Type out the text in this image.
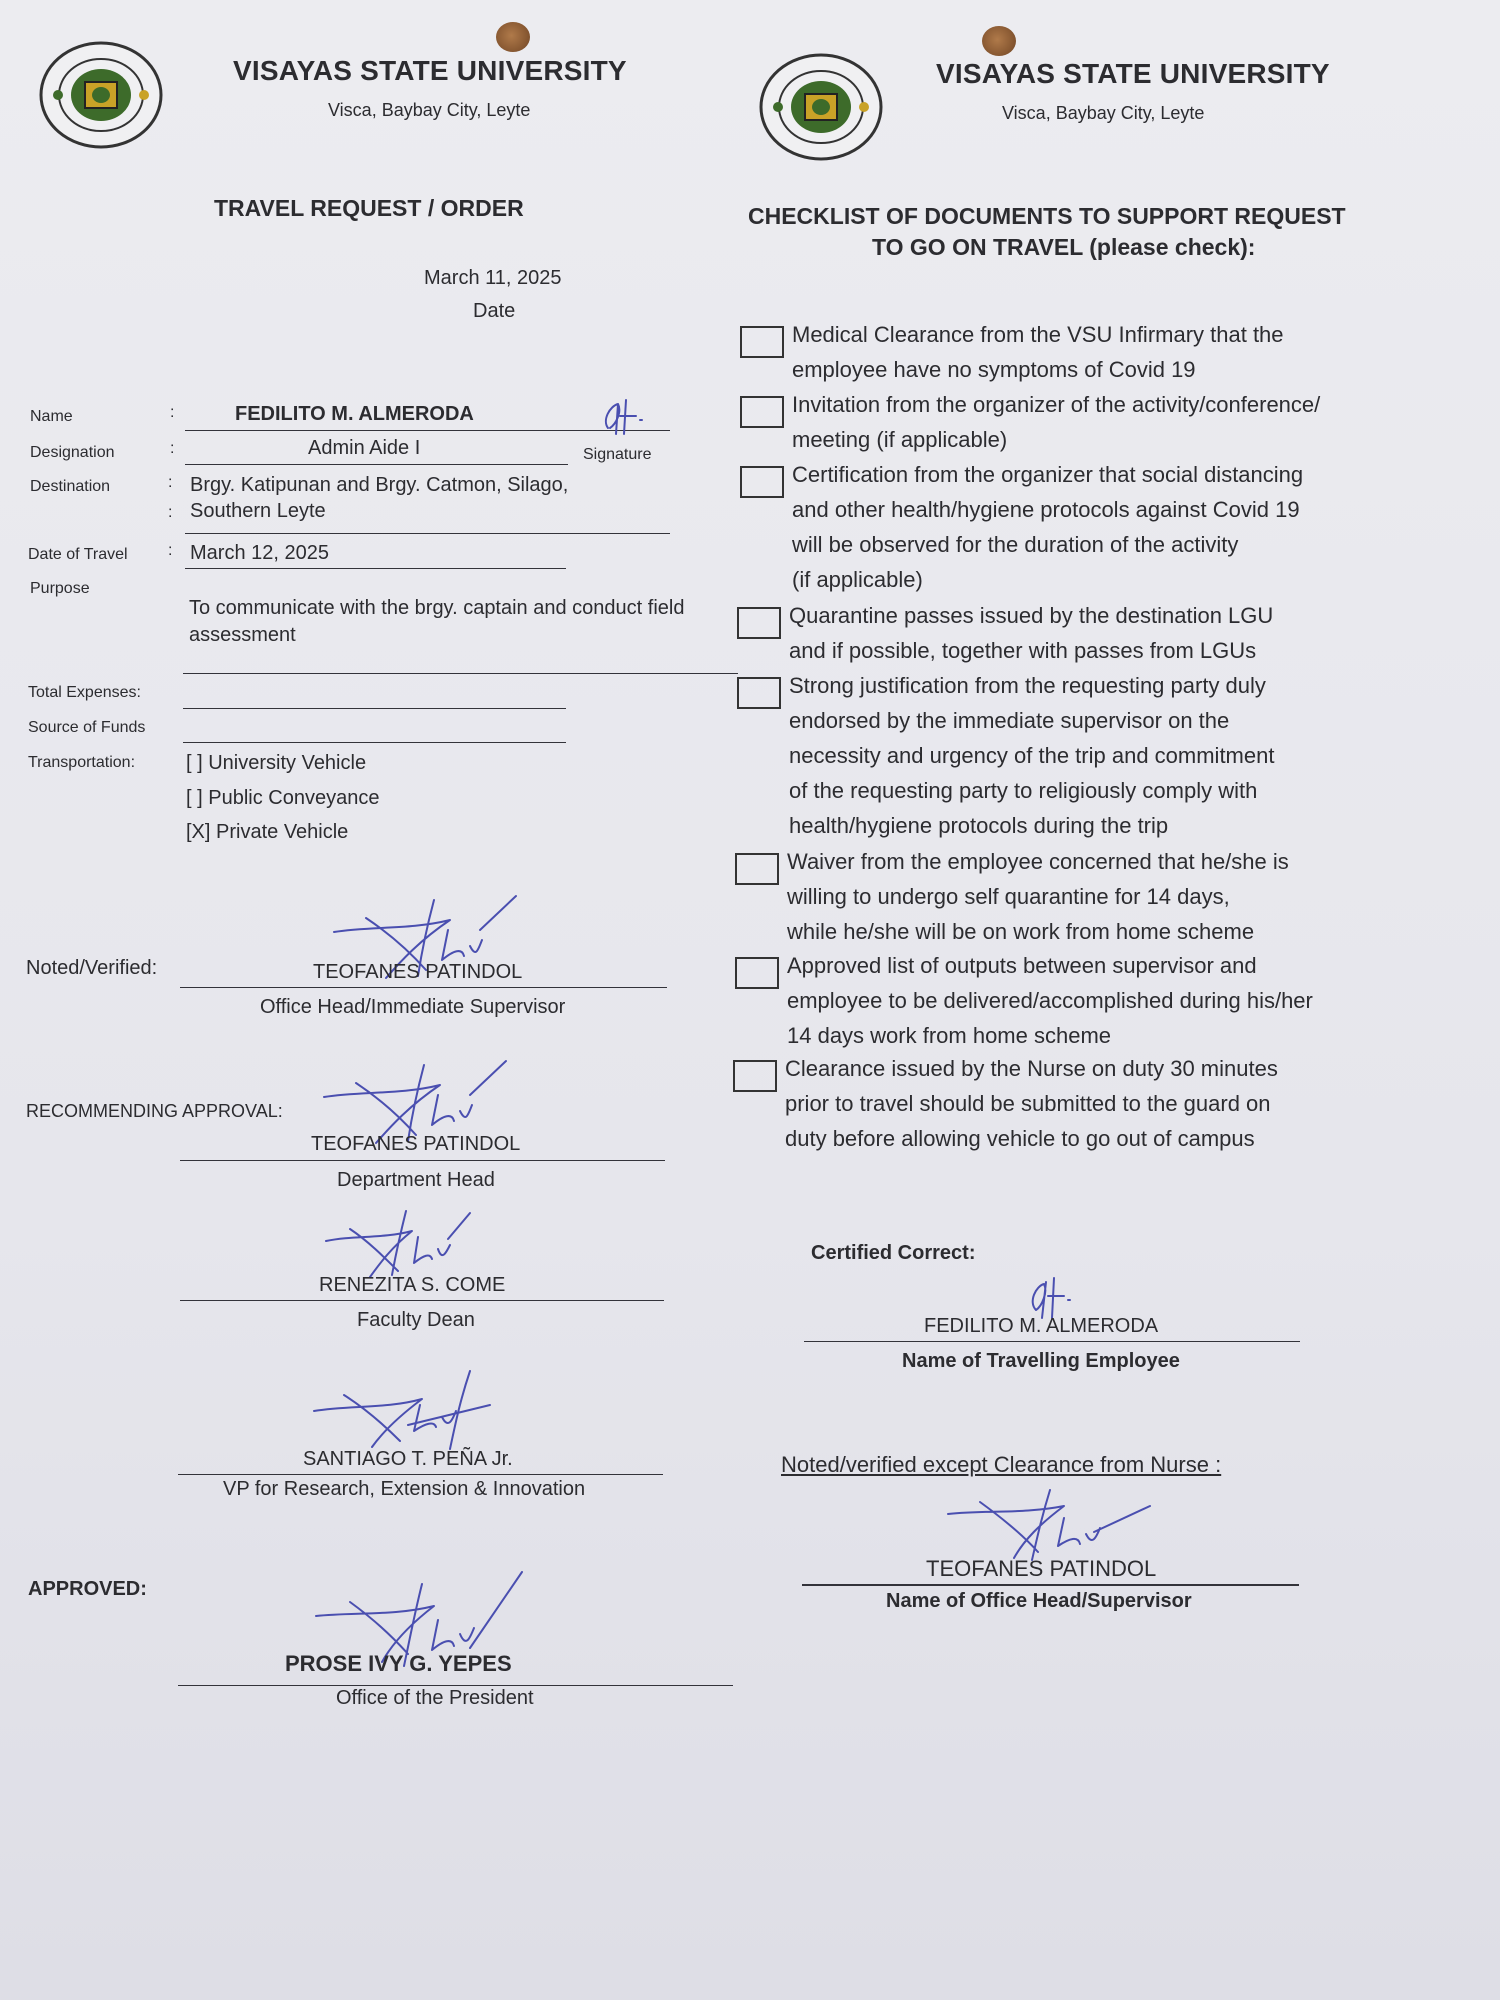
VISAYAS STATE UNIVERSITY
Visca, Baybay City, Leyte
TRAVEL REQUEST / ORDER
March 11, 2025
Date
Name	:	FEDILITO M. ALMERODA
Designation	:	Admin Aide I	Signature
Destination	:
:
Brgy. Katipunan and Brgy. Catmon, Silago,
Southern Leyte
Date of Travel	: March 12, 2025
Purpose
To communicate with the brgy. captain and conduct field
assessment
Total Expenses:
Source of Funds
Transportation:	[ ] University Vehicle
[ ] Public Conveyance
[X] Private Vehicle
Noted/Verified:	TEOFANES PATINDOL
Office Head/Immediate Supervisor
RECOMMENDING APPROVAL:
TEOFANES PATINDOL
Department Head
RENEZITA S. COME
Faculty Dean
SANTIAGO T. PEÑA Jr.
VP for Research, Extension & Innovation
APPROVED:
PROSE IVY G. YEPES
Office of the President
VISAYAS STATE UNIVERSITY
Visca, Baybay City, Leyte
CHECKLIST OF DOCUMENTS TO SUPPORT REQUEST
TO GO ON TRAVEL (please check):
Medical Clearance from the VSU Infirmary that the
employee have no symptoms of Covid 19
Invitation from the organizer of the activity/conference/
meeting (if applicable)
Certification from the organizer that social distancing
and other health/hygiene protocols against Covid 19
will be observed for the duration of the activity
(if applicable)
Quarantine passes issued by the destination LGU
and if possible, together with passes from LGUs
Strong justification from the requesting party duly
endorsed by the immediate supervisor on the
necessity and urgency of the trip and commitment
of the requesting party to religiously comply with
health/hygiene protocols during the trip
Waiver from the employee concerned that he/she is
willing to undergo self quarantine for 14 days,
while he/she will be on work from home scheme
Approved list of outputs between supervisor and
employee to be delivered/accomplished during his/her
14 days work from home scheme
Clearance issued by the Nurse on duty 30 minutes
prior to travel should be submitted to the guard on
duty before allowing vehicle to go out of campus
Certified Correct:
FEDILITO M. ALMERODA
Name of Travelling Employee
Noted/verified except Clearance from Nurse :
TEOFANES PATINDOL
Name of Office Head/Supervisor
